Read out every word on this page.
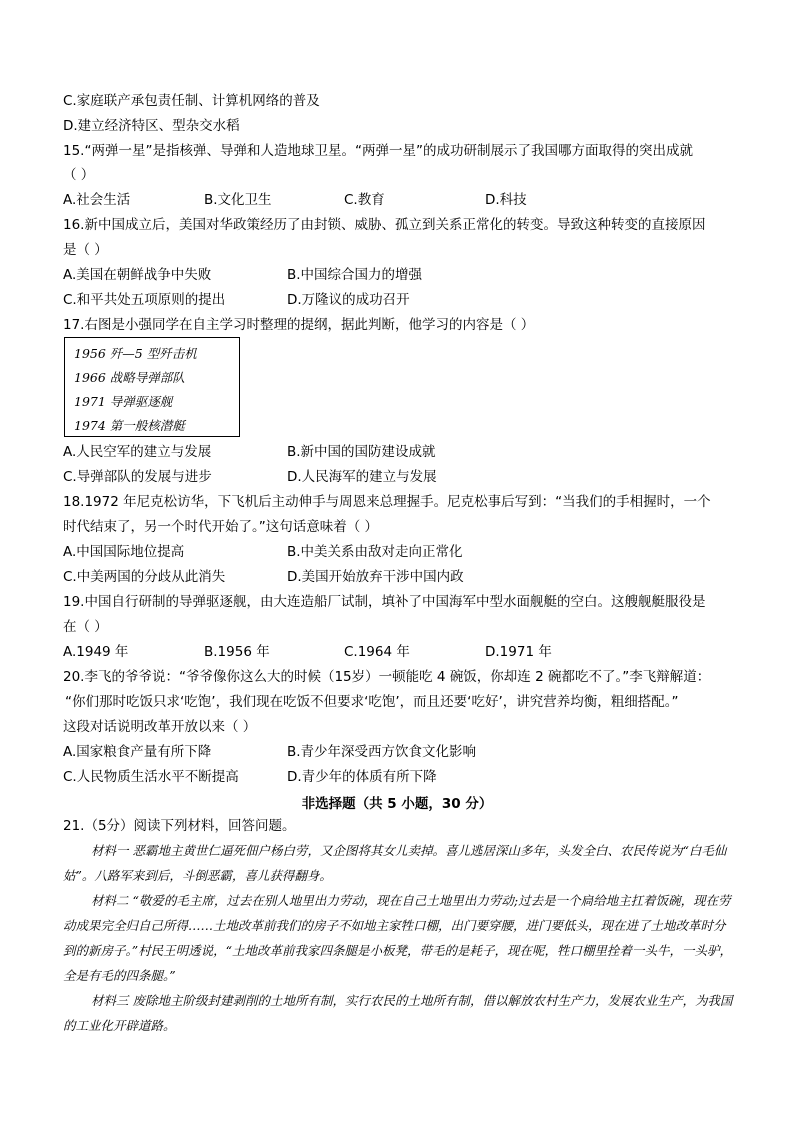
C.家庭联产承包责任制、计算机网络的普及
D.建立经济特区、型杂交水稻
15.“两弹一星”是指核弹、导弹和人造地球卫星。“两弹一星”的成功研制展示了我国哪方面取得的突出成就
（ ）
A.社会生活	B.文化卫生	C.教育	D.科技
16.新中国成立后，美国对华政策经历了由封锁、威胁、孤立到关系正常化的转变。导致这种转变的直接原因
是（ ）
A.美国在朝鲜战争中失败	B.中国综合国力的增强
C.和平共处五项原则的提出	D.万隆议的成功召开
17.右图是小强同学在自主学习时整理的提纲，据此判断，他学习的内容是（ ）
1956 歼—5 型歼击机
1966 战略导弹部队
1971 导弹驱逐舰
1974 第一般核潜艇
A.人民空军的建立与发展	B.新中国的国防建设成就
C.导弹部队的发展与进步	D.人民海军的建立与发展
18.1972 年尼克松访华，下飞机后主动伸手与周恩来总理握手。尼克松事后写到：“当我们的手相握时，一个
时代结束了，另一个时代开始了。”这句话意味着（ ）
A.中国国际地位提高	B.中美关系由敌对走向正常化
C.中美两国的分歧从此消失	D.美国开始放弃干涉中国内政
19.中国自行研制的导弹驱逐舰，由大连造船厂试制，填补了中国海军中型水面舰艇的空白。这艘舰艇服役是
在（ ）
A.1949 年	B.1956 年	C.1964 年	D.1971 年
20.李飞的爷爷说：“爷爷像你这么大的时候（15岁）一顿能吃 4 碗饭，你却连 2 碗都吃不了。”李飞辩解道：
“你们那时吃饭只求‘吃饱’，我们现在吃饭不但要求‘吃饱’，而且还要‘吃好’，讲究营养均衡，粗细搭配。”
这段对话说明改革开放以来（ ）
A.国家粮食产量有所下降	B.青少年深受西方饮食文化影响
C.人民物质生活水平不断提高	D.青少年的体质有所下降
非选择题（共 5 小题，30 分）
21.（5分）阅读下列材料，回答问题。
材料一 恶霸地主黄世仁逼死佃户杨白劳，又企图将其女儿卖掉。喜儿逃居深山多年，头发全白、农民传说为“白毛仙姑”。八路军来到后，斗倒恶霸，喜儿获得翻身。
材料二 “敬爱的毛主席，过去在别人地里出力劳动，现在自己土地里出力劳动;过去是一个扃给地主扛着饭碗，现在劳动成果完全归自己所得……土地改革前我们的房子不如地主家牲口棚，出门要穿腰，进门要低头，现在进了土地改革时分到的新房子。”村民王明透说，“土地改革前我家四条腿是小板凳，带毛的是耗子，现在呢，牲口棚里拴着一头牛，一头驴，全是有毛的四条腿。”
材料三 废除地主阶级封建剥削的土地所有制，实行农民的土地所有制，借以解放农村生产力，发展农业生产，为我国的工业化开辟道路。
